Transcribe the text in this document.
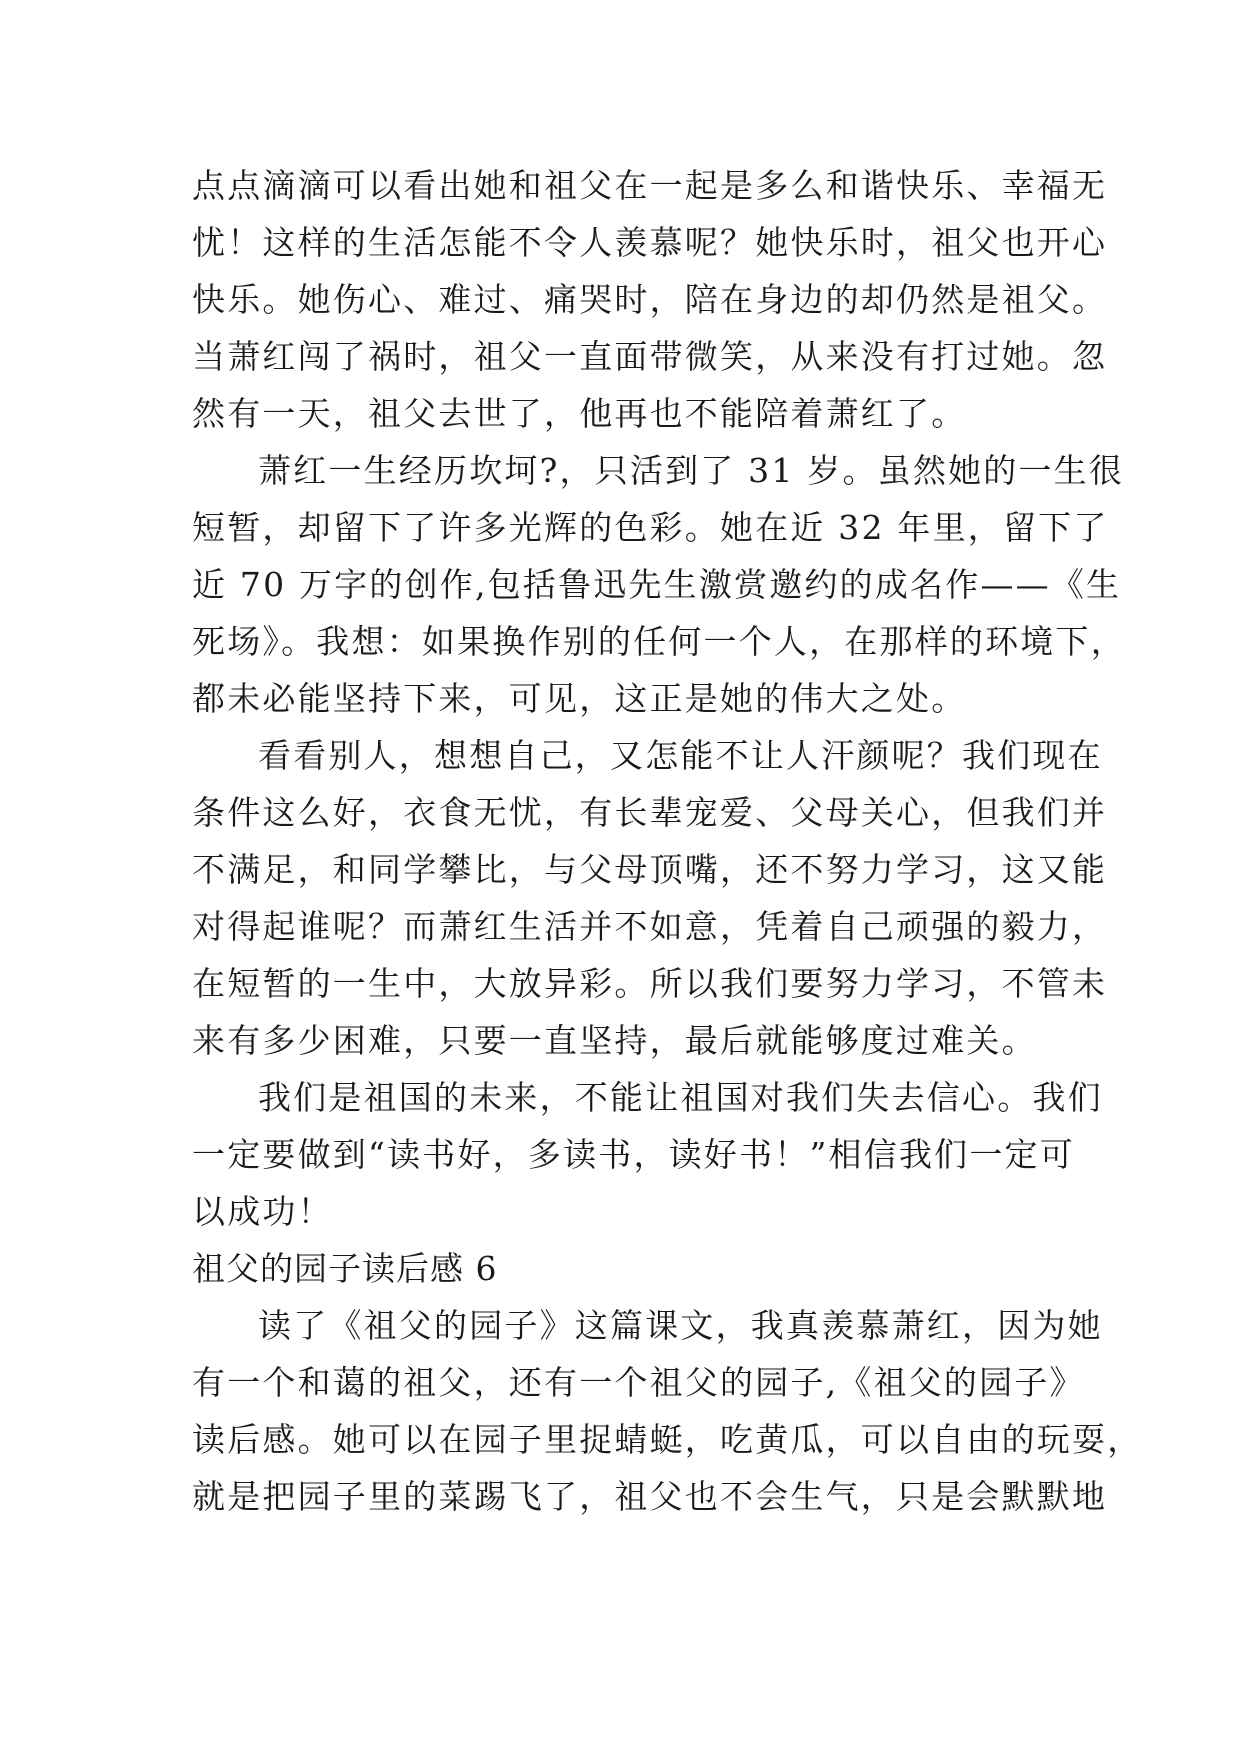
点点滴滴可以看出她和祖父在一起是多么和谐快乐、幸福无
忧！这样的生活怎能不令人羡慕呢？她快乐时，祖父也开心
快乐。她伤心、难过、痛哭时，陪在身边的却仍然是祖父。
当萧红闯了祸时，祖父一直面带微笑，从来没有打过她。忽
然有一天，祖父去世了，他再也不能陪着萧红了。
萧红一生经历坎坷?，只活到了 31 岁。虽然她的一生很
短暂，却留下了许多光辉的色彩。她在近 32 年里，留下了
近 70 万字的创作,包括鲁迅先生激赏邀约的成名作——《生
死场》。我想：如果换作别的任何一个人，在那样的环境下，
都未必能坚持下来，可见，这正是她的伟大之处。
看看别人，想想自己，又怎能不让人汗颜呢？我们现在
条件这么好，衣食无忧，有长辈宠爱、父母关心，但我们并
不满足，和同学攀比，与父母顶嘴，还不努力学习，这又能
对得起谁呢？而萧红生活并不如意，凭着自己顽强的毅力，
在短暂的一生中，大放异彩。所以我们要努力学习，不管未
来有多少困难，只要一直坚持，最后就能够度过难关。
我们是祖国的未来，不能让祖国对我们失去信心。我们
一定要做到“读书好，多读书，读好书！”相信我们一定可
以成功！
祖父的园子读后感 6
读了《祖父的园子》这篇课文，我真羡慕萧红，因为她
有一个和蔼的祖父，还有一个祖父的园子,《祖父的园子》
读后感。她可以在园子里捉蜻蜓，吃黄瓜，可以自由的玩耍，
就是把园子里的菜踢飞了，祖父也不会生气，只是会默默地
